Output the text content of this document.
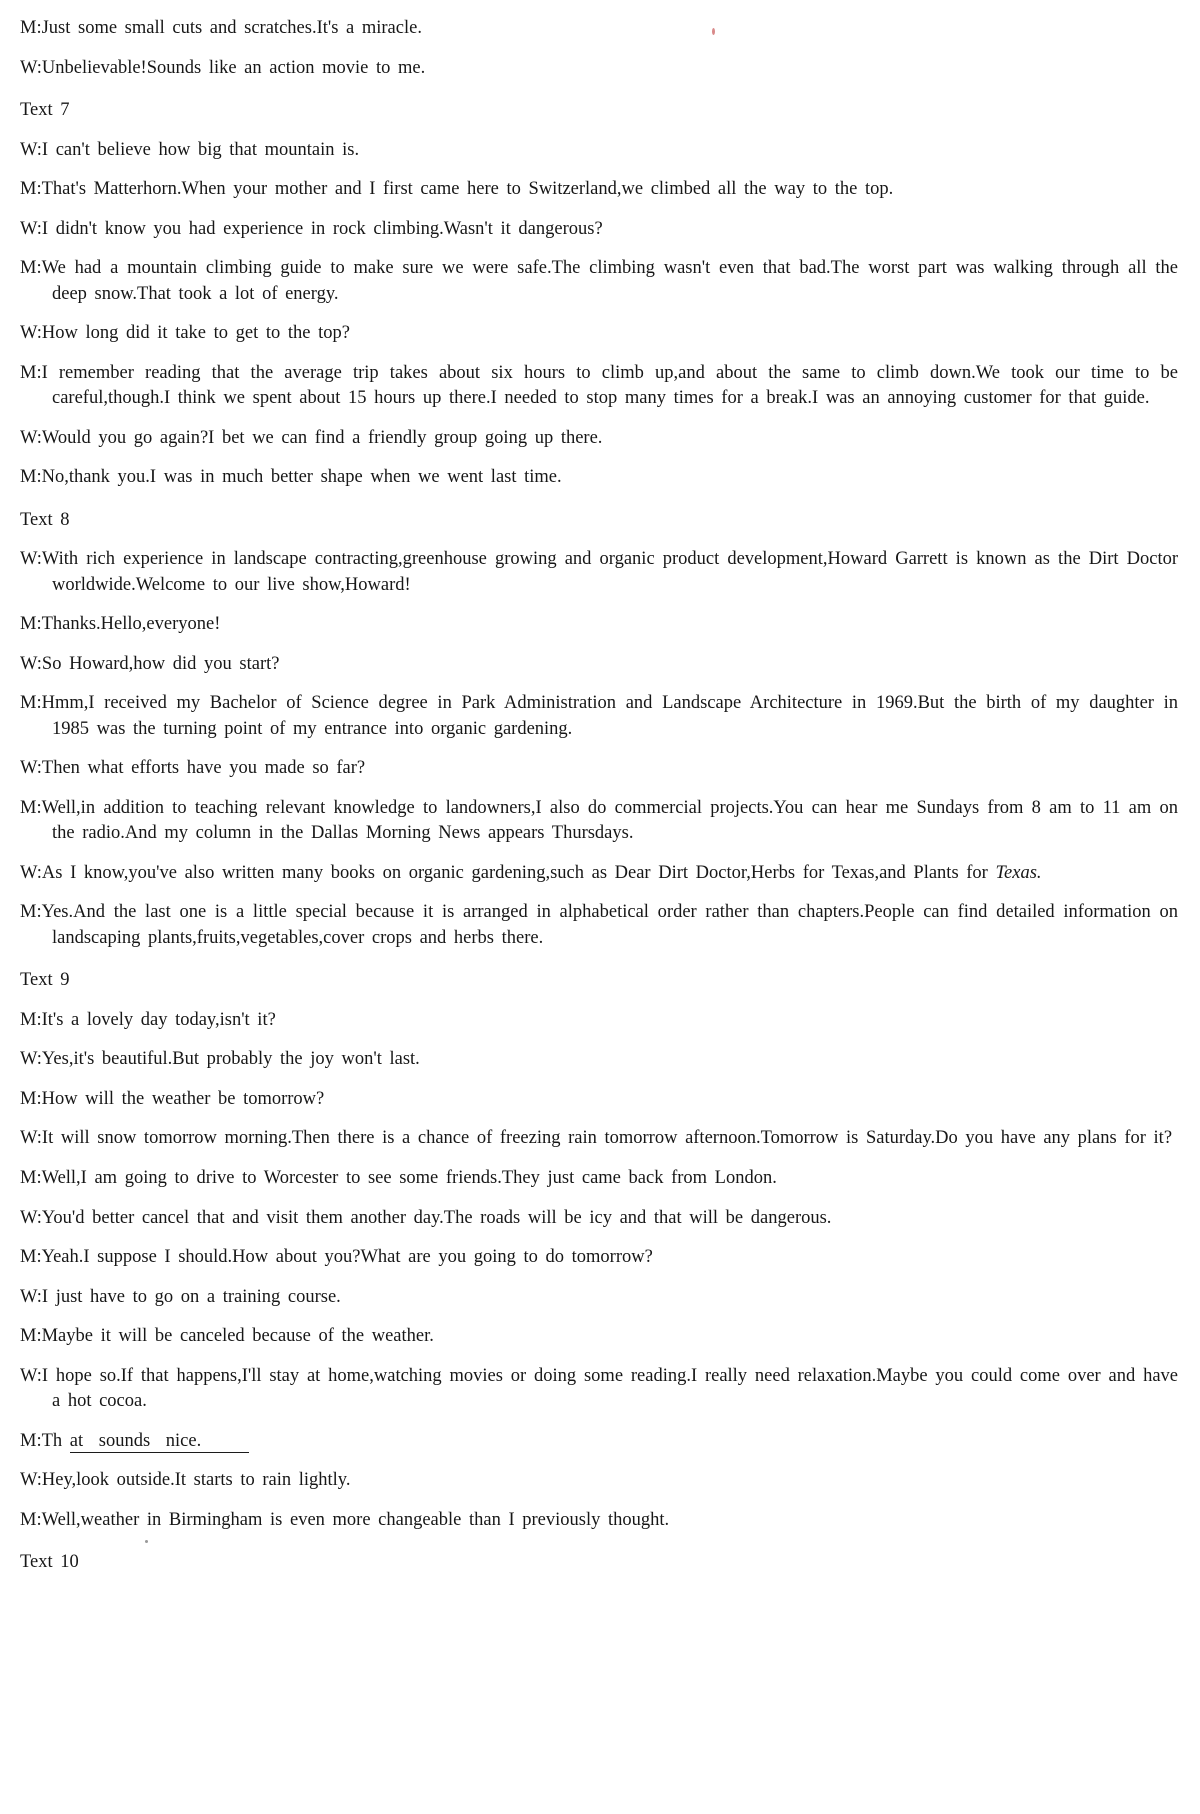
M:Just some small cuts and scratches.It's a miracle.
W:Unbelievable!Sounds like an action movie to me.
Text 7
W:I can't believe how big that mountain is.
M:That's Matterhorn.When your mother and I first came here to Switzerland,we climbed all the way to the top.
W:I didn't know you had experience in rock climbing.Wasn't it dangerous?
M:We had a mountain climbing guide to make sure we were safe.The climbing wasn't even that bad.The worst part was walking through all the deep snow.That took a lot of energy.
W:How long did it take to get to the top?
M:I remember reading that the average trip takes about six hours to climb up,and about the same to climb down.We took our time to be careful,though.I think we spent about 15 hours up there.I needed to stop many times for a break.I was an annoying customer for that guide.
W:Would you go again?I bet we can find a friendly group going up there.
M:No,thank you.I was in much better shape when we went last time.
Text 8
W:With rich experience in landscape contracting,greenhouse growing and organic product development,Howard Garrett is known as the Dirt Doctor worldwide.Welcome to our live show,Howard!
M:Thanks.Hello,everyone!
W:So Howard,how did you start?
M:Hmm,I received my Bachelor of Science degree in Park Administration and Landscape Architecture in 1969.But the birth of my daughter in 1985 was the turning point of my entrance into organic gardening.
W:Then what efforts have you made so far?
M:Well,in addition to teaching relevant knowledge to landowners,I also do commercial projects.You can hear me Sundays from 8 am to 11 am on the radio.And my column in the Dallas Morning News appears Thursdays.
W:As I know,you've also written many books on organic gardening,such as Dear Dirt Doctor,Herbs for Texas,and Plants for Texas.
M:Yes.And the last one is a little special because it is arranged in alphabetical order rather than chapters.People can find detailed information on landscaping plants,fruits,vegetables,cover crops and herbs there.
Text 9
M:It's a lovely day today,isn't it?
W:Yes,it's beautiful.But probably the joy won't last.
M:How will the weather be tomorrow?
W:It will snow tomorrow morning.Then there is a chance of freezing rain tomorrow afternoon.Tomorrow is Saturday.Do you have any plans for it?
M:Well,I am going to drive to Worcester to see some friends.They just came back from London.
W:You'd better cancel that and visit them another day.The roads will be icy and that will be dangerous.
M:Yeah.I suppose I should.How about you?What are you going to do tomorrow?
W:I just have to go on a training course.
M:Maybe it will be canceled because of the weather.
W:I hope so.If that happens,I'll stay at home,watching movies or doing some reading.I really need relaxation.Maybe you could come over and have a hot cocoa.
M:Th at sounds nice.
W:Hey,look outside.It starts to rain lightly.
M:Well,weather in Birmingham is even more changeable than I previously thought.
Text 10
